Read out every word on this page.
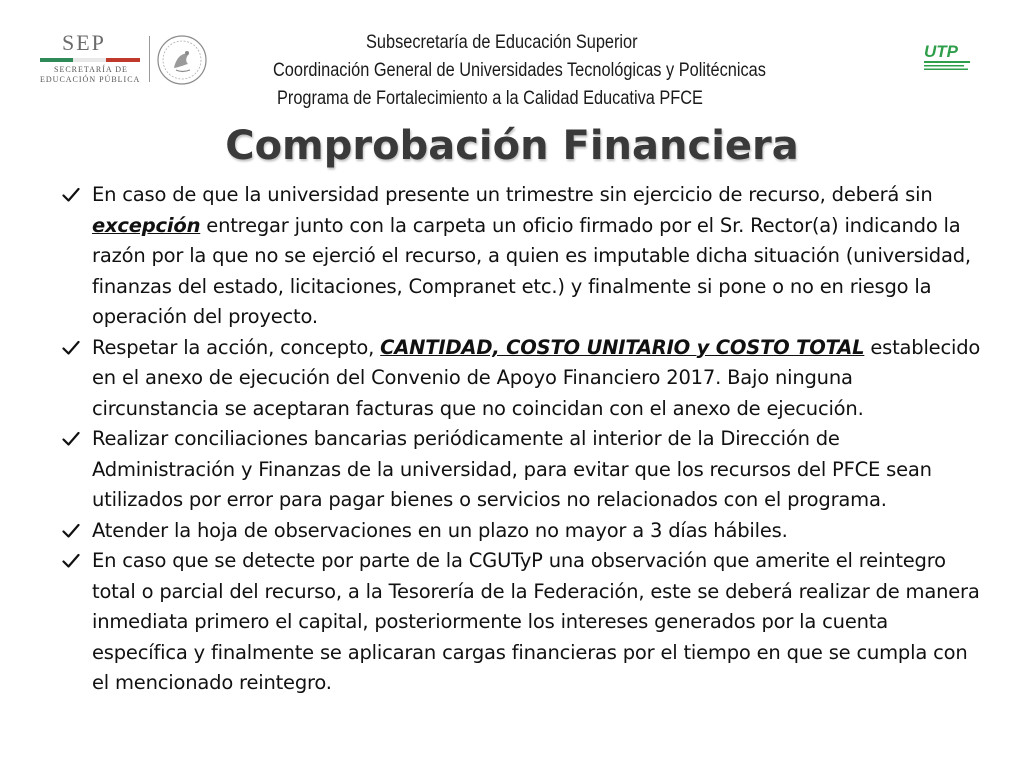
SEP
SECRETARÍA DE
EDUCACIÓN PÚBLICA
UTP
Subsecretaría de Educación Superior
Coordinación General de Universidades Tecnológicas y Politécnicas
Programa de Fortalecimiento a la Calidad Educativa PFCE
Comprobación Financiera
En caso de que la universidad presente un trimestre sin ejercicio de recurso, deberá sin excepción entregar junto con la carpeta un oficio firmado por el Sr. Rector(a) indicando la razón por la que no se ejerció el recurso, a quien es imputable dicha situación (universidad, finanzas del estado, licitaciones, Compranet etc.) y finalmente si pone o no en riesgo la operación del proyecto.
Respetar la acción, concepto, CANTIDAD, COSTO UNITARIO y COSTO TOTAL establecido en el anexo de ejecución del Convenio de Apoyo Financiero 2017. Bajo ninguna circunstancia se aceptaran facturas que no coincidan con el anexo de ejecución.
Realizar conciliaciones bancarias periódicamente al interior de la Dirección de Administración y Finanzas de la universidad, para evitar que los recursos del PFCE sean utilizados por error para pagar bienes o servicios no relacionados con el programa.
Atender la hoja de observaciones en un plazo no mayor a 3 días hábiles.
En caso que se detecte por parte de la CGUTyP una observación que amerite el reintegro total o parcial del recurso, a la Tesorería de la Federación, este se deberá realizar de manera inmediata primero el capital, posteriormente los intereses generados por la cuenta específica y finalmente se aplicaran cargas financieras por el tiempo en que se cumpla con el mencionado reintegro.
